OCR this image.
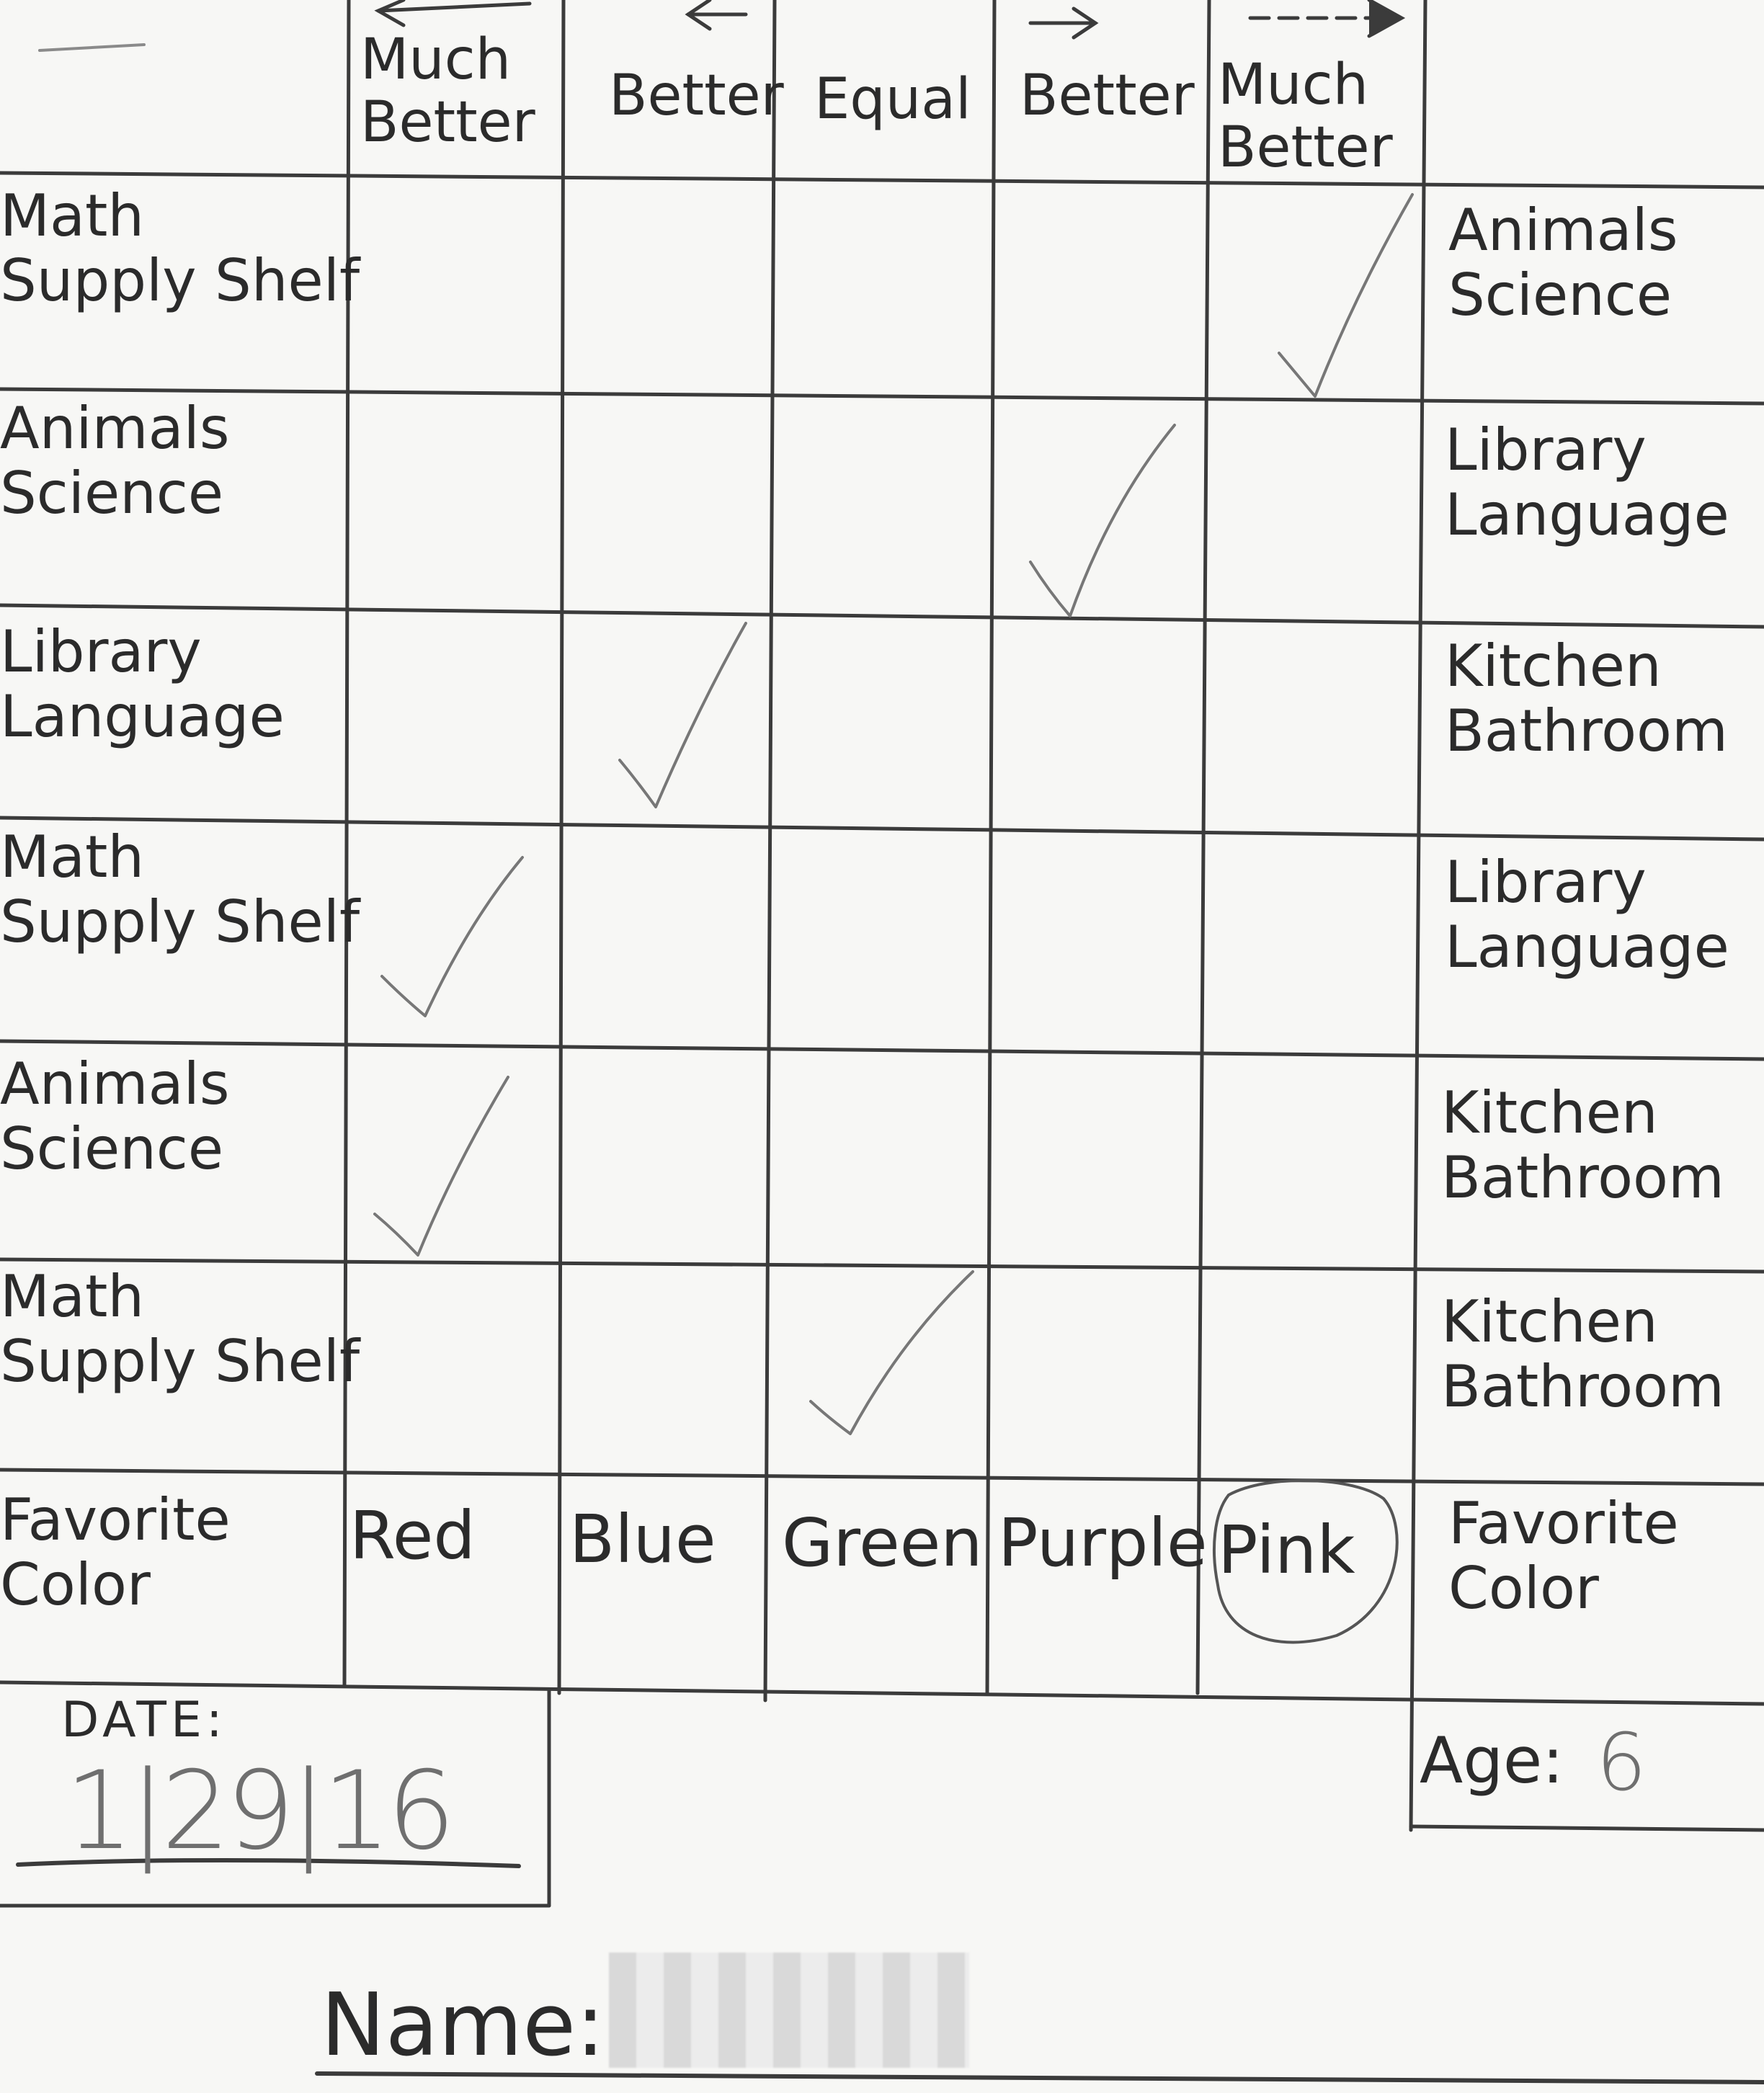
Much Better	Better Equal Better Much Better
Math
Supply Shelf
Animals
Science
Animals
Science
Library
Language
Library
Language
Kitchen
Bathroom
Math
Supply Shelf
Library
Language
Animals
Science
Kitchen
Bathroom
Math
Supply Shelf
Kitchen
Bathroom
Favorite
Color
Favorite
Color
Red Blue Green Purple Pink
DATE:
1|29|16	Age: 6
Name:
